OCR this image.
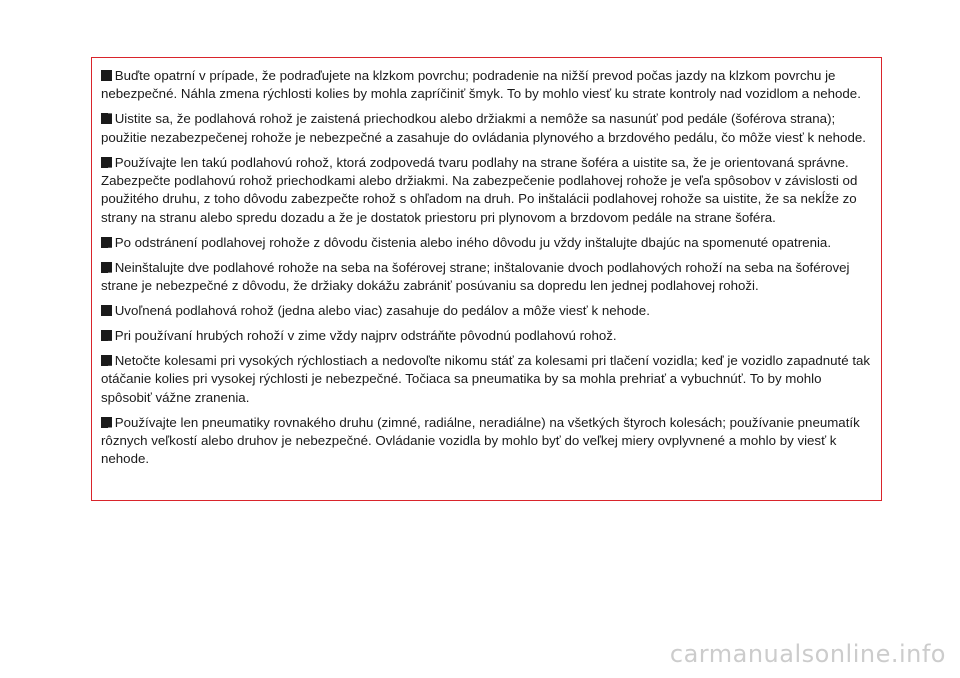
Buďte opatrní v prípade, že podraďujete na klzkom povrchu; podradenie na nižší prevod počas jazdy na klzkom povrchu je nebezpečné. Náhla zmena rýchlosti kolies by mohla zapríčiniť šmyk. To by mohlo viesť ku strate kontroly nad vozidlom a nehode.

Uistite sa, že podlahová rohož je zaistená priechodkou alebo držiakmi a nemôže sa nasunúť pod pedále (šoférova strana); použitie nezabezpečenej rohože je nebezpečné a zasahuje do ovládania plynového a brzdového pedálu, čo môže viesť k nehode.

Používajte len takú podlahovú rohož, ktorá zodpovedá tvaru podlahy na strane šoféra a uistite sa, že je orientovaná správne. Zabezpečte podlahovú rohož priechodkami alebo držiakmi. Na zabezpečenie podlahovej rohože je veľa spôsobov v závislosti od použitého druhu, z toho dôvodu zabezpečte rohož s ohľadom na druh. Po inštalácii podlahovej rohože sa uistite, že sa nekĺže zo strany na stranu alebo spredu dozadu a že je dostatok priestoru pri plynovom a brzdovom pedále na strane šoféra.

Po odstránení podlahovej rohože z dôvodu čistenia alebo iného dôvodu ju vždy inštalujte dbajúc na spomenuté opatrenia.

Neinštalujte dve podlahové rohože na seba na šoférovej strane; inštalovanie dvoch podlahových rohoží na seba na šoférovej strane je nebezpečné z dôvodu, že držiaky dokážu zabrániť posúvaniu sa dopredu len jednej podlahovej rohoži.

Uvoľnená podlahová rohož (jedna alebo viac) zasahuje do pedálov a môže viesť k nehode.

Pri používaní hrubých rohoží v zime vždy najprv odstráňte pôvodnú podlahovú rohož.

Netočte kolesami pri vysokých rýchlostiach a nedovoľte nikomu stáť za kolesami pri tlačení vozidla; keď je vozidlo zapadnuté tak otáčanie kolies pri vysokej rýchlosti je nebezpečné. Točiaca sa pneumatika by sa mohla prehriať a vybuchnúť. To by mohlo spôsobiť vážne zranenia.

Používajte len pneumatiky rovnakého druhu (zimné, radiálne, neradiálne) na všetkých štyroch kolesách; používanie pneumatík rôznych veľkostí alebo druhov je nebezpečné. Ovládanie vozidla by mohlo byť do veľkej miery ovplyvnené a mohlo by viesť k nehode.

carmanualsonline.info
